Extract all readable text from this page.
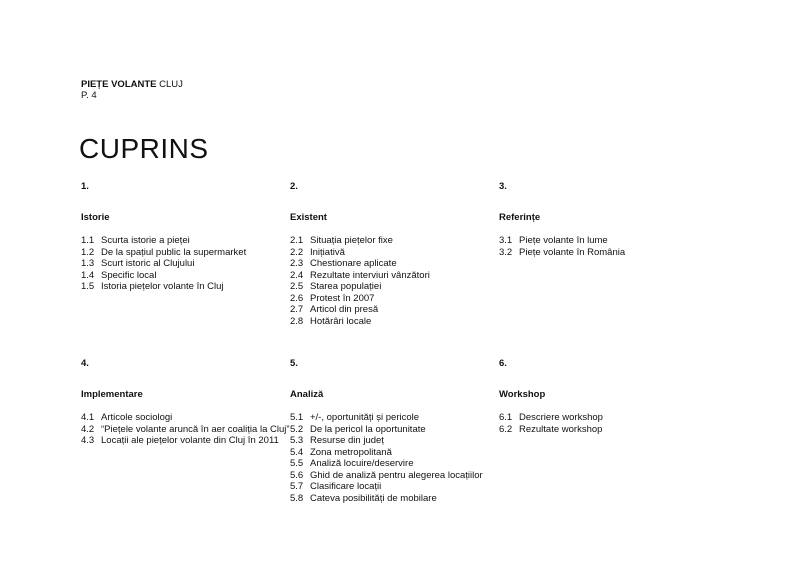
PIEȚE VOLANTE CLUJ
P. 4
CUPRINS
1.
Istorie
1.1 Scurta istorie a pieței
1.2 De la spațiul public la supermarket
1.3 Scurt istoric al Clujului
1.4 Specific local
1.5 Istoria piețelor volante în Cluj
2.
Existent
2.1 Situația piețelor fixe
2.2 Inițiativă
2.3 Chestionare aplicate
2.4 Rezultate interviuri vânzători
2.5 Starea populației
2.6 Protest în 2007
2.7 Articol din presă
2.8 Hotărâri locale
3.
Referințe
3.1 Piețe volante în lume
3.2 Piețe volante în România
4.
Implementare
4.1 Articole sociologi
4.2 “Piețele volante aruncă în aer coaliția la Cluj”
4.3 Locații ale piețelor volante din Cluj în 2011
5.
Analiză
5.1 +/-, oportunități și pericole
5.2 De la pericol la oportunitate
5.3 Resurse din județ
5.4 Zona metropolitană
5.5 Analiză locuire/deservire
5.6 Ghid de analiză pentru alegerea locațiilor
5.7 Clasificare locații
5.8 Cateva posibilități de mobilare
6.
Workshop
6.1 Descriere workshop
6.2 Rezultate workshop
